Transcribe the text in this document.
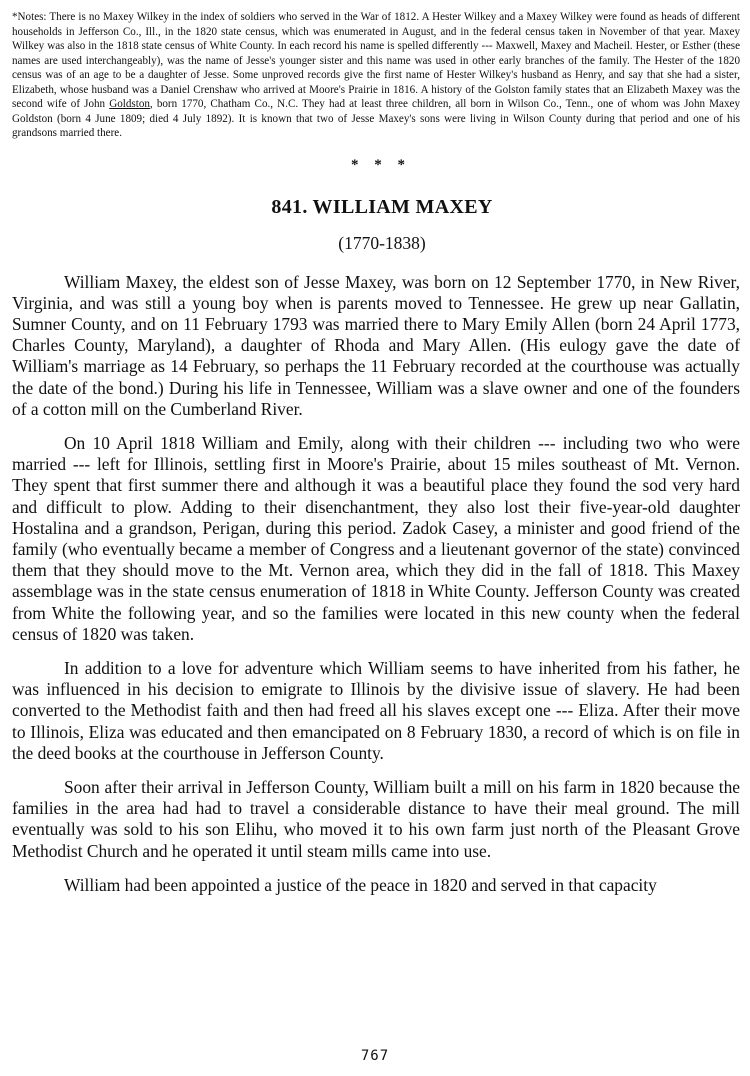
*Notes: There is no Maxey Wilkey in the index of soldiers who served in the War of 1812. A Hester Wilkey and a Maxey Wilkey were found as heads of different households in Jefferson Co., Ill., in the 1820 state census, which was enumerated in August, and in the federal census taken in November of that year. Maxey Wilkey was also in the 1818 state census of White County. In each record his name is spelled differently --- Maxwell, Maxey and Macheil. Hester, or Esther (these names are used interchangeably), was the name of Jesse's younger sister and this name was used in other early branches of the family. The Hester of the 1820 census was of an age to be a daughter of Jesse. Some unproved records give the first name of Hester Wilkey's husband as Henry, and say that she had a sister, Elizabeth, whose husband was a Daniel Crenshaw who arrived at Moore's Prairie in 1816. A history of the Golston family states that an Elizabeth Maxey was the second wife of John Goldston, born 1770, Chatham Co., N.C. They had at least three children, all born in Wilson Co., Tenn., one of whom was John Maxey Goldston (born 4 June 1809; died 4 July 1892). It is known that two of Jesse Maxey's sons were living in Wilson County during that period and one of his grandsons married there.

* * *
841. WILLIAM MAXEY
(1770-1838)

William Maxey, the eldest son of Jesse Maxey, was born on 12 September 1770, in New River, Virginia, and was still a young boy when is parents moved to Tennessee. He grew up near Gallatin, Sumner County, and on 11 February 1793 was married there to Mary Emily Allen (born 24 April 1773, Charles County, Maryland), a daughter of Rhoda and Mary Allen. (His eulogy gave the date of William's marriage as 14 February, so perhaps the 11 February recorded at the courthouse was actually the date of the bond.) During his life in Tennessee, William was a slave owner and one of the founders of a cotton mill on the Cumberland River.

On 10 April 1818 William and Emily, along with their children --- including two who were married --- left for Illinois, settling first in Moore's Prairie, about 15 miles southeast of Mt. Vernon. They spent that first summer there and although it was a beautiful place they found the sod very hard and difficult to plow. Adding to their disenchantment, they also lost their five-year-old daughter Hostalina and a grandson, Perigan, during this period. Zadok Casey, a minister and good friend of the family (who eventually became a member of Congress and a lieutenant governor of the state) convinced them that they should move to the Mt. Vernon area, which they did in the fall of 1818. This Maxey assemblage was in the state census enumeration of 1818 in White County. Jefferson County was created from White the following year, and so the families were located in this new county when the federal census of 1820 was taken.

In addition to a love for adventure which William seems to have inherited from his father, he was influenced in his decision to emigrate to Illinois by the divisive issue of slavery. He had been converted to the Methodist faith and then had freed all his slaves except one --- Eliza. After their move to Illinois, Eliza was educated and then emancipated on 8 February 1830, a record of which is on file in the deed books at the courthouse in Jefferson County.

Soon after their arrival in Jefferson County, William built a mill on his farm in 1820 because the families in the area had had to travel a considerable distance to have their meal ground. The mill eventually was sold to his son Elihu, who moved it to his own farm just north of the Pleasant Grove Methodist Church and he operated it until steam mills came into use.

William had been appointed a justice of the peace in 1820 and served in that capacity

767
